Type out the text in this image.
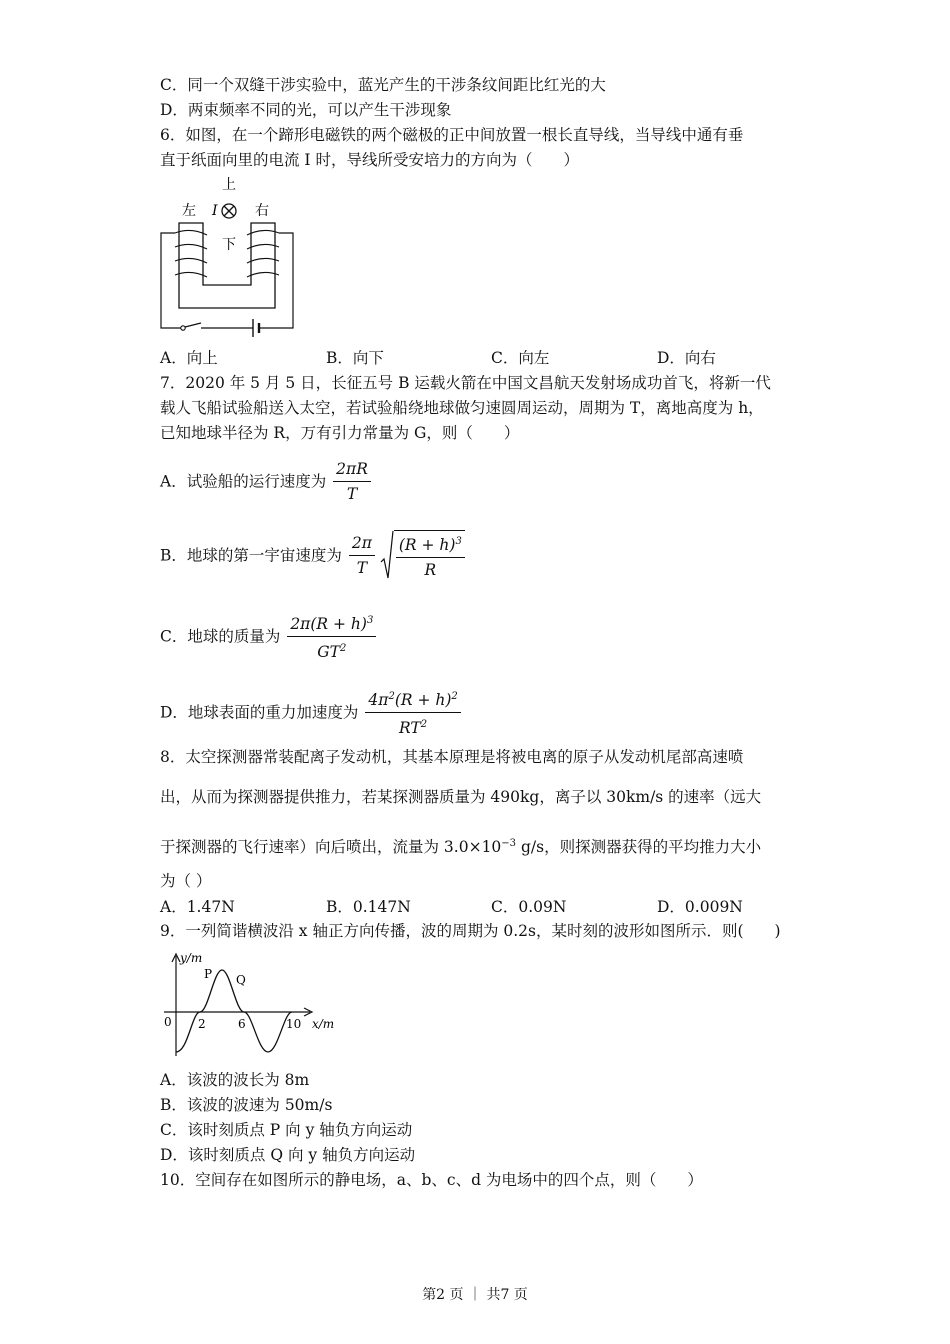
C．同一个双缝干涉实验中，蓝光产生的干涉条纹间距比红光的大
D．两束频率不同的光，可以产生干涉现象
6．如图，在一个蹄形电磁铁的两个磁极的正中间放置一根长直导线，当导线中通有垂
直于纸面向里的电流 I 时，导线所受安培力的方向为（　　）
上
左 I	右
下
A．向上	B．向下	C．向左	D．向右
7．2020 年 5 月 5 日，长征五号 B 运载火箭在中国文昌航天发射场成功首飞，将新一代
载人飞船试验船送入太空，若试验船绕地球做匀速圆周运动，周期为 T，离地高度为 h，
已知地球半径为 R，万有引力常量为 G，则（　　）
A．试验船的运行速度为 $\frac{2\pi R}{T}$
B．地球的第一宇宙速度为 $\frac{2\pi}{T}$
$\frac{(R + h)^3}{R}$
C．地球的质量为 $\frac{2\pi(R + h)^3}{GT^2}$
D．地球表面的重力加速度为 $\frac{4\pi^2(R + h)^2}{RT^2}$
8．太空探测器常装配离子发动机，其基本原理是将被电离的原子从发动机尾部高速喷
出，从而为探测器提供推力，若某探测器质量为 490kg，离子以 30km/s 的速率（远大
于探测器的飞行速率）向后喷出，流量为 $3.0\times 10^{-3}$ g/s，则探测器获得的平均推力大小
为（ ）
A．1.47N	B．0.147N	C．0.09N	D．0.009N
9．一列简谐横波沿 x 轴正方向传播，波的周期为 0.2s，某时刻的波形如图所示．则(　　)
y/m
x/m
0 2	6	10
P Q
A．该波的波长为 8m
B．该波的波速为 50m/s
C．该时刻质点 P 向 y 轴负方向运动
D．该时刻质点 Q 向 y 轴负方向运动
10．空间存在如图所示的静电场，a、b、c、d 为电场中的四个点，则（　　）
第2 页 ｜ 共7 页
